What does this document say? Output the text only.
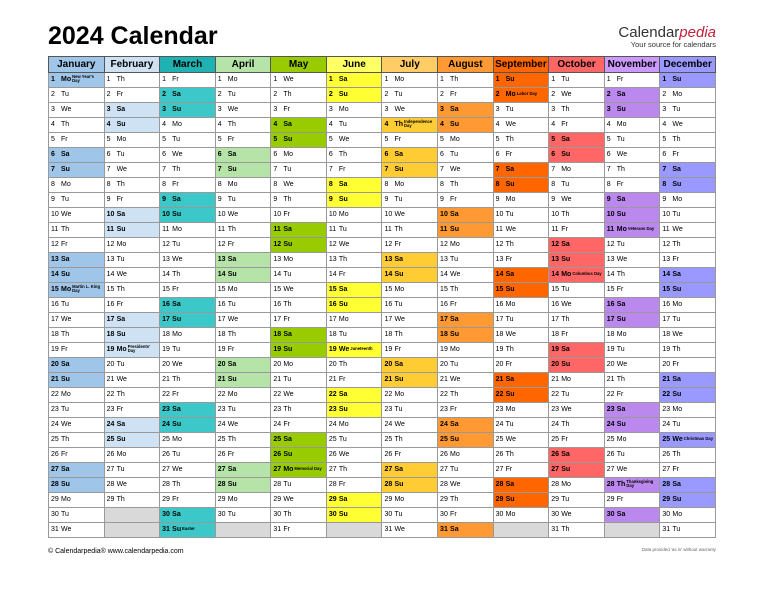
2024 Calendar	Calendarpedia
Your source for calendars
January	February	March	April	May	June	July	August	September	October	November	December
1 MoNew Year's Day	1 Th	1 Fr	1 Mo	1 We	1 Sa	1 Mo	1 Th	1 Su	1 Tu	1 Fr	1 Su
2 Tu	2 Fr	2 Sa	2 Tu	2 Th	2 Su	2 Tu	2 Fr	2 MoLabor Day	2 We	2 Sa	2 Mo
3 We	3 Sa	3 Su	3 We	3 Fr	3 Mo	3 We	3 Sa	3 Tu	3 Th	3 Su	3 Tu
4 Th	4 Su	4 Mo	4 Th	4 Sa	4 Tu	4 ThIndependence Day	4 Su	4 We	4 Fr	4 Mo	4 We
5 Fr	5 Mo	5 Tu	5 Fr	5 Su	5 We	5 Fr	5 Mo	5 Th	5 Sa	5 Tu	5 Th
6 Sa	6 Tu	6 We	6 Sa	6 Mo	6 Th	6 Sa	6 Tu	6 Fr	6 Su	6 We	6 Fr
7 Su	7 We	7 Th	7 Su	7 Tu	7 Fr	7 Su	7 We	7 Sa	7 Mo	7 Th	7 Sa
8 Mo	8 Th	8 Fr	8 Mo	8 We	8 Sa	8 Mo	8 Th	8 Su	8 Tu	8 Fr	8 Su
9 Tu	9 Fr	9 Sa	9 Tu	9 Th	9 Su	9 Tu	9 Fr	9 Mo	9 We	9 Sa	9 Mo
10 We	10 Sa	10 Su	10 We	10 Fr	10 Mo	10 We	10 Sa	10 Tu	10 Th	10 Su	10 Tu
11 Th	11 Su	11 Mo	11 Th	11 Sa	11 Tu	11 Th	11 Su	11 We	11 Fr	11 MoVeterans Day	11 We
12 Fr	12 Mo	12 Tu	12 Fr	12 Su	12 We	12 Fr	12 Mo	12 Th	12 Sa	12 Tu	12 Th
13 Sa	13 Tu	13 We	13 Sa	13 Mo	13 Th	13 Sa	13 Tu	13 Fr	13 Su	13 We	13 Fr
14 Su	14 We	14 Th	14 Su	14 Tu	14 Fr	14 Su	14 We	14 Sa	14 MoColumbus Day	14 Th	14 Sa
15 MoMartin L. King Day	15 Th	15 Fr	15 Mo	15 We	15 Sa	15 Mo	15 Th	15 Su	15 Tu	15 Fr	15 Su
16 Tu	16 Fr	16 Sa	16 Tu	16 Th	16 Su	16 Tu	16 Fr	16 Mo	16 We	16 Sa	16 Mo
17 We	17 Sa	17 Su	17 We	17 Fr	17 Mo	17 We	17 Sa	17 Tu	17 Th	17 Su	17 Tu
18 Th	18 Su	18 Mo	18 Th	18 Sa	18 Tu	18 Th	18 Su	18 We	18 Fr	18 Mo	18 We
19 Fr	19 MoPresidents' Day	19 Tu	19 Fr	19 Su	19 WeJuneteenth	19 Fr	19 Mo	19 Th	19 Sa	19 Tu	19 Th
20 Sa	20 Tu	20 We	20 Sa	20 Mo	20 Th	20 Sa	20 Tu	20 Fr	20 Su	20 We	20 Fr
21 Su	21 We	21 Th	21 Su	21 Tu	21 Fr	21 Su	21 We	21 Sa	21 Mo	21 Th	21 Sa
22 Mo	22 Th	22 Fr	22 Mo	22 We	22 Sa	22 Mo	22 Th	22 Su	22 Tu	22 Fr	22 Su
23 Tu	23 Fr	23 Sa	23 Tu	23 Th	23 Su	23 Tu	23 Fr	23 Mo	23 We	23 Sa	23 Mo
24 We	24 Sa	24 Su	24 We	24 Fr	24 Mo	24 We	24 Sa	24 Tu	24 Th	24 Su	24 Tu
25 Th	25 Su	25 Mo	25 Th	25 Sa	25 Tu	25 Th	25 Su	25 We	25 Fr	25 Mo	25 WeChristmas Day
26 Fr	26 Mo	26 Tu	26 Fr	26 Su	26 We	26 Fr	26 Mo	26 Th	26 Sa	26 Tu	26 Th
27 Sa	27 Tu	27 We	27 Sa	27 MoMemorial Day	27 Th	27 Sa	27 Tu	27 Fr	27 Su	27 We	27 Fr
28 Su	28 We	28 Th	28 Su	28 Tu	28 Fr	28 Su	28 We	28 Sa	28 Mo	28 ThThanksgiving Day	28 Sa
29 Mo	29 Th	29 Fr	29 Mo	29 We	29 Sa	29 Mo	29 Th	29 Su	29 Tu	29 Fr	29 Su
30 Tu		30 Sa	30 Tu	30 Th	30 Su	30 Tu	30 Fr	30 Mo	30 We	30 Sa	30 Mo
31 We		31 SuEaster		31 Fr		31 We	31 Sa		31 Th		31 Tu
© Calendarpedia® www.calendarpedia.com	Data provided 'as is' without warranty
